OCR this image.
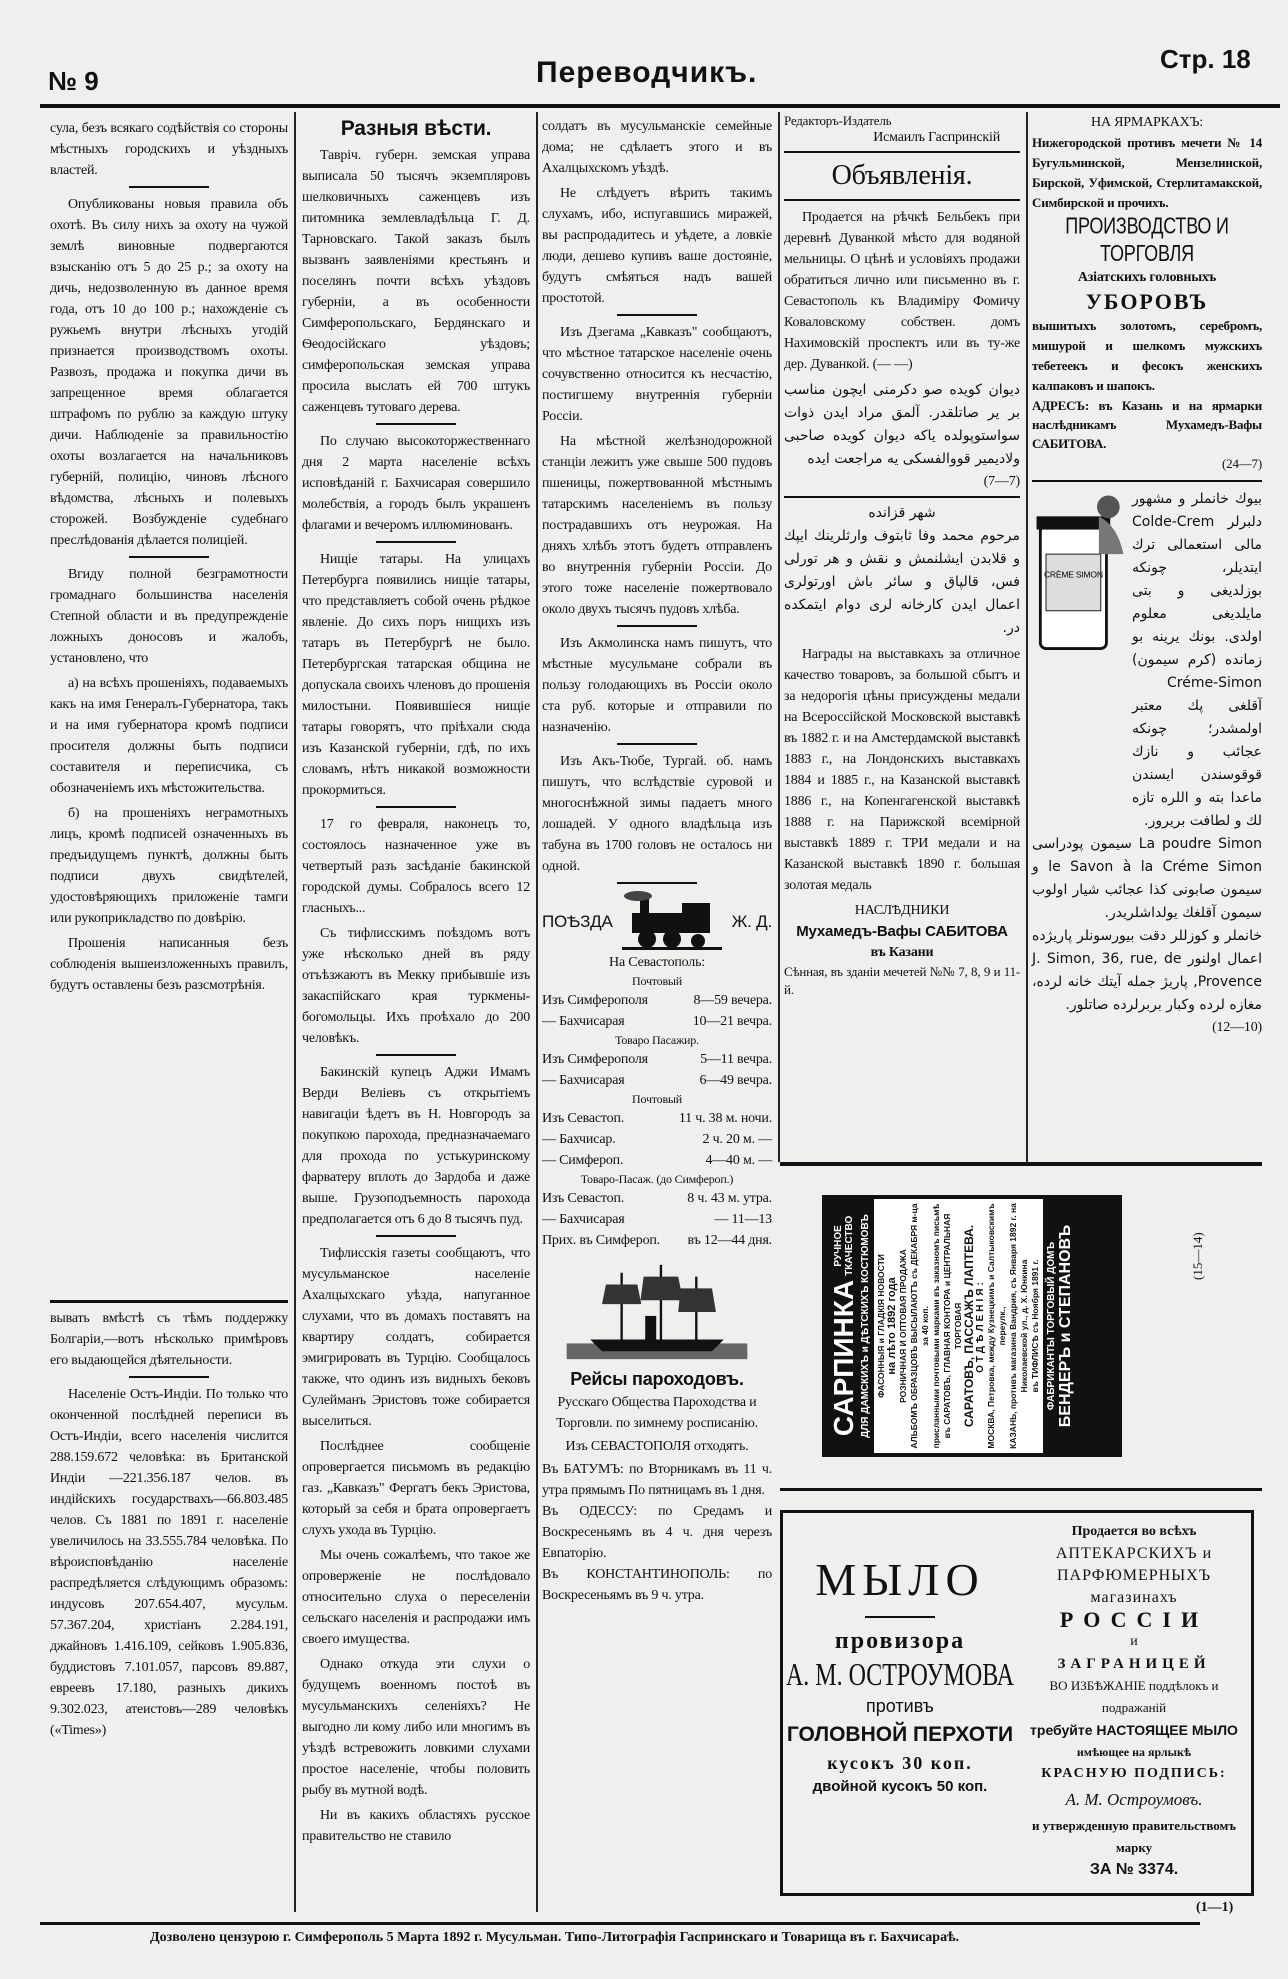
№ 9	Переводчикъ.	Стр. 18

сула, безъ всякаго содѣйствія со стороны мѣстныхъ городскихъ и уѣздныхъ властей.

Опубликованы новыя правила объ охотѣ. Въ силу нихъ за охоту на чужой землѣ виновные подвергаются взысканію отъ 5 до 25 р.; за охоту на дичь, недозволенную въ данное время года, отъ 10 до 100 р.; нахожденіе съ ружьемъ внутри лѣсныхъ угодій признается производствомъ охоты. Развозъ, продажа и покупка дичи въ запрещенное время облагается штрафомъ по рублю за каждую штуку дичи. Наблюденіе за правильностію охоты возлагается на начальниковъ губерній, полицію, чиновъ лѣсного вѣдомства, лѣсныхъ и полевыхъ сторожей. Возбужденіе судебнаго преслѣдованія дѣлается полиціей.

Вгиду полной безграмотности громаднаго большинства населенія Степной области и въ предупрежденіе ложныхъ доносовъ и жалобъ, установлено, что

а) на всѣхъ прошеніяхъ, подаваемыхъ какъ на имя Генералъ-Губернатора, такъ и на имя губернатора кромѣ подписи просителя должны быть подписи составителя и переписчика, съ обозначеніемъ ихъ мѣстожительства.

б) на прошеніяхъ неграмотныхъ лицъ, кромѣ подписей означенныхъ въ предъидущемъ пунктѣ, должны быть подписи двухъ свидѣтелей, удостовѣряющихъ приложеніе тамги или рукоприкладство по довѣрію.

Прошенія написанныя безъ соблюденія вышеизложенныхъ правилъ, будутъ оставлены безъ разсмотрѣнія.

вывать вмѣстѣ съ тѣмъ поддержку Болгаріи,—вотъ нѣсколько примѣровъ его выдающейся дѣятельности.

Населеніе Остъ-Индіи. По только что оконченной послѣдней переписи въ Остъ-Индіи, всего населенія числится 288.159.672 человѣка: въ Британской Индіи —221.356.187 челов. въ индійскихъ государствахъ—66.803.485 челов. Съ 1881 по 1891 г. населеніе увеличилось на 33.555.784 человѣка. По вѣроисповѣданію населеніе распредѣляется слѣдующимъ образомъ: индусовъ 207.654.407, мусульм. 57.367.204, христіанъ 2.284.191, джайновъ 1.416.109, сейковъ 1.905.836, буддистовъ 7.101.057, парсовъ 89.887, евреевъ 17.180, разныхъ дикихъ 9.302.023, атеистовъ—289 человѣкъ («Times»)

Разныя вѣсти.

Тавріч. губерн. земская управа выписала 50 тысячъ экземпляровъ шелковичныхъ саженцевъ изъ питомника землевладѣльца Г. Д. Тарновскаго. Такой заказъ былъ вызванъ заявленіями крестьянъ и поселянъ почти всѣхъ уѣздовъ губерніи, а въ особенности Симферопольскаго, Бердянскаго и Ѳеодосійскаго уѣздовъ; симферопольская земская управа просила выслать ей 700 штукъ саженцевъ тутоваго дерева.

По случаю высокоторжественнаго дня 2 марта населеніе всѣхъ исповѣданій г. Бахчисарая совершило молебствія, а городъ былъ украшенъ флагами и вечеромъ иллюминованъ.

Нищіе татары. На улицахъ Петербурга появились нищіе татары, что представляетъ собой очень рѣдкое явленіе. До сихъ поръ нищихъ изъ татаръ въ Петербургѣ не было. Петербургская татарская община не допускала своихъ членовъ до прошенія милостыни. Появившіеся нищіе татары говорятъ, что пріѣхали сюда изъ Казанской губерніи, гдѣ, по ихъ словамъ, нѣтъ никакой возможности прокормиться.

17 го февраля, наконецъ то, состоялось назначенное уже въ четвертый разъ засѣданіе бакинской городской думы. Собралось всего 12 гласныхъ...

Съ тифлисскимъ поѣздомъ вотъ уже нѣсколько дней въ ряду отъѣзжаютъ въ Мекку прибывшіе изъ закаспійскаго края туркмены-богомольцы. Ихъ проѣхало до 200 человѣкъ.

Бакинскій купецъ Аджи Имамъ Верди Веліевъ съ открытіемъ навигаціи ѣдетъ въ Н. Новгородъ за покупкою парохода, предназначаемаго для прохода по устькуринскому фарватеру вплоть до Зардоба и даже выше. Грузоподъемность парохода предполагается отъ 6 до 8 тысячъ пуд.

Тифлисскія газеты сообщаютъ, что мусульманское населеніе Ахалцыхскаго уѣзда, напуганное слухами, что въ домахъ поставятъ на квартиру солдатъ, собирается эмигрировать въ Турцію. Сообщалось также, что одинъ изъ видныхъ бековъ Сулейманъ Эристовъ тоже собирается выселиться.

Послѣднее сообщеніе опровергается письмомъ въ редакцію газ. „Кавказъ" Фергатъ бекъ Эристова, который за себя и брата опровергаетъ слухъ ухода въ Турцію.

Мы очень сожалѣемъ, что такое же опроверженіе не послѣдовало относительно слуха о переселеніи сельскаго населенія и распродажи имъ своего имущества.

Однако откуда эти слухи о будущемъ военномъ постоѣ въ мусульманскихъ селеніяхъ? Не выгодно ли кому либо или многимъ въ уѣздѣ встревожить ловкими слухами простое населеніе, чтобы половить рыбу въ мутной водѣ.

Ни въ какихъ областяхъ русское правительство не ставило

солдатъ въ мусульманскіе семейные дома; не сдѣлаетъ этого и въ Ахалцыхскомъ уѣздѣ.

Не слѣдуетъ вѣрить такимъ слухамъ, ибо, испугавшись миражей, вы распродадитесь и уѣдете, а ловкіе люди, дешево купивъ ваше достояніе, будутъ смѣяться надъ вашей простотой.

Изъ Дзегама „Кавказъ" сообщаютъ, что мѣстное татарское населеніе очень сочувственно относится къ несчастію, постигшему внутреннія губерніи Россіи.

На мѣстной желѣзнодорожной станціи лежитъ уже свыше 500 пудовъ пшеницы, пожертвованной мѣстнымъ татарскимъ населеніемъ въ пользу пострадавшихъ отъ неурожая. На дняхъ хлѣбъ этотъ будетъ отправленъ во внутреннія губерніи Россіи. До этого тоже населеніе пожертвовало около двухъ тысячъ пудовъ хлѣба.

Изъ Акмолинска намъ пишутъ, что мѣстные мусульмане собрали въ пользу голодающихъ въ Россіи около ста руб. которые и отправили по назначенію.

Изъ Акъ-Тюбе, Тургай. об. намъ пишутъ, что вслѣдствіе суровой и многоснѣжной зимы падаетъ много лошадей. У одного владѣльца изъ табуна въ 1700 головъ не осталось ни одной.

ПОѢЗДА	Ж. Д.
На Севастополь:
Почтовый
Изъ Симферополя	8—59 вечера.
— Бахчисарая	10—21 вечра.
Товаро Пасажир.
Изъ Симферополя	5—11 вечра.
— Бахчисарая	6—49 вечра.
Почтовый
Изъ Севастоп.	11 ч. 38 м. ночи.
— Бахчисар.	2 ч. 20 м. —
— Симфероп.	4—40 м. —
Товаро-Пасаж. (до Симфероп.)
Изъ Севастоп.	8 ч. 43 м. утра.
— Бахчисарая	— 11—13
Прих. въ Симфероп. въ 12—44 дня.
Рейсы пароходовъ.
Русскаго Общества Пароходства и Торговли. по зимнему росписанію.
Изъ СЕВАСТОПОЛЯ отходятъ.

Въ БАТУМЪ: по Вторникамъ въ 11 ч. утра прямымъ По пятницамъ въ 1 дня.

Въ ОДЕССУ: по Средамъ и Воскресеньямъ въ 4 ч. дня черезъ Евпаторію.

Въ КОНСТАНТИНОПОЛЬ: по Воскресеньямъ въ 9 ч. утра.

Редакторъ-Издатель
Исмаилъ Гаспринскій
Объявленія.

Продается на рѣчкѣ Бельбекъ при деревнѣ Дуванкой мѣсто для водяной мельницы. О цѣнѣ и условіяхъ продажи обратиться лично или письменно въ г. Севастополь къ Владиміру Фомичу Коваловскому собствен. домъ Нахимовскій проспектъ или въ ту-же дер. Дуванкой. (— —)

ديوان كويده صو دكرمنى ايچون مناسب بر ير صاتلقدر. آلمق مراد ايدن ذوات سواستوپولده ياكه ديوان كويده صاحبى ولاديمير قووالفسكى يه مراجعت ايده
(7—7)
شهر قزانده
مرحوم محمد وفا ثابتوف وارثلرينك ايپك و قلابدن ايشلنمش و نقش و هر تورلى فس، قالپاق و سائر باش اورتولرى اعمال ايدن كارخانه لرى دوام ايتمكده در.

Награды на выставкахъ за отличное качество товаровъ, за большой сбытъ и за недорогія цѣны присуждены медали на Всероссійской Московской выставкѣ въ 1882 г. и на Амстердамской выставкѣ 1883 г., на Лондонскихъ выставкахъ 1884 и 1885 г., на Казанской выставкѣ 1886 г., на Копенгагенской выставкѣ 1888 г. на Парижской всемірной выставкѣ 1889 г. ТРИ медали и на Казанской выставкѣ 1890 г. большая золотая медаль

НАСЛѢДНИКИ
Мухамедъ-Вафы САБИТОВА
въ Казани
Сѣнная, въ зданіи мечетей №№ 7, 8, 9 и 11-й.
НА ЯРМАРКАХЪ:
Нижегородской противъ мечети № 14 Бугульминской, Мензелинской, Бирской, Уфимской, Стерлитамакской, Симбирской и прочихъ.
ПРОИЗВОДСТВО И ТОРГОВЛЯ
Азіатскихъ головныхъ
УБОРОВЪ
вышитыхъ золотомъ, серебромъ, мишурой и шелкомъ мужскихъ тебетеекъ и фесокъ женскихъ калпаковъ и шапокъ.
АДРЕСЪ: въ Казань и на ярмарки наслѣдникамъ Мухамедъ-Вафы САБИТОВА.
(24—7)
CRÈME SIMON
بيوك خانملر و مشهور دلبرلر Colde-Crem مالى استعمالى ترك ايتديلر، چونكه بوزلديغى و بتى مايلديغى معلوم اولدى. بونك يرينه بو زمانده (كرم سيمون) Créme-Simon آقلغى پك معتبر اولمشدر؛ چونكه عجائب و نازك قوقوسندن ايسندن ماعدا بته و اللره تازه لك و لطافت بريرور.
La poudre Simon سيمون پودراسى le Savon à la Créme Simon و سيمون صابونى كذا عجائب شيار اولوب سيمون آقلغك يولداشلريدر.
خانملر و كوزللر دقت بيورسونلر پاريژده اعمال اولنور J. Simon, 36, rue, de Provence, پاريژ جمله آيتك خانه لرده، مغازه لرده وكبار بربرلرده صاتلور.
(12—10)
САРПИНКА
РУЧНОЕ ТКАЧЕСТВО ДЛЯ ДАМСКИХЪ и ДѢТСКИХЪ КОСТЮМОВЪ ФАСОННЫЯ и ГЛАДКІЯ НОВОСТИ на лѣто 1892 года РОЗНИЧНАЯ И ОПТОВАЯ ПРОДАЖА АЛЬБОМЪ ОБРАЗЦОВЪ ВЫСЫЛАЮТЪ съ ДЕКАБРЯ м-ца за 40 коп. присланными почтовыми марками въ заказномъ письмѣ въ САРАТОВЪ, ГЛАВНАЯ КОНТОРА и ЦЕНТРАЛЬНАЯ ТОРГОВАЯ САРАТОВЪ, ПАССАЖЪ ЛАПТЕВА. ОТДѢЛЕНІЯ: МОСКВА, Петровка, между Кузнецкимъ и Салтыковскимъ переулк., КАЗАНЬ, противъ магазина Вандрия, съ Января 1892 г. на Николаевской ул., д. Х. Юнкина въ ТИФЛИСѢ съ Ноября 1891 г. ФАБРИКАНТЫ ТОРГОВЫЙ ДОМЪ БЕНДЕРЪ и СТЕПАНОВЪ	(15—14)
МЫЛО
провизора
А. М. ОСТРОУМОВА
противъ
ГОЛОВНОЙ ПЕРХОТИ
кусокъ 30 коп.
двойной кусокъ 50 коп.
Продается во всѣхъ
АПТЕКАРСКИХЪ и ПАРФЮМЕРНЫХЪ магазинахъ
РОССІИ
и
ЗАГРАНИЦЕЙ
ВО ИЗБѢЖАНІЕ поддѣлокъ и подражаній
требуйте НАСТОЯЩЕЕ МЫЛО
имѣющее на ярлыкѣ
КРАСНУЮ ПОДПИСЬ:
А. М. Остроумовъ.
и утвержденную правительствомъ марку
ЗА № 3374.
(1—1)
Дозволено цензурою г. Симферополь 5 Марта 1892 г. Мусульман. Типо-Литографія Гаспринскаго и Товарища въ г. Бахчисараѣ.
